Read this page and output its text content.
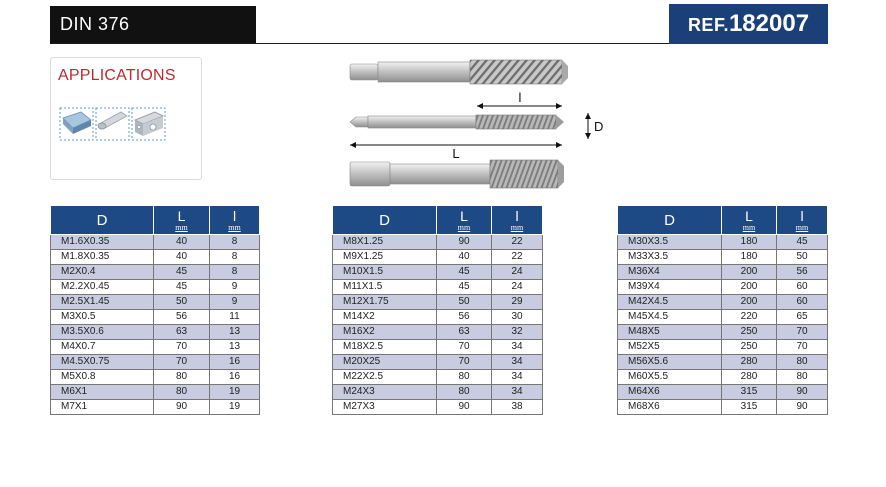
DIN 376	REF.182007
APPLICATIONS
l
D
L
D	L
mm	l
mm

M1.6X0.35	40	8
M1.8X0.35	40	8
M2X0.4	45	8
M2.2X0.45	45	9
M2.5X1.45	50	9
M3X0.5	56	11
M3.5X0.6	63	13
M4X0.7	70	13
M4.5X0.75	70	16
M5X0.8	80	16
M6X1	80	19
M7X1	90	19
D	L
mm	l
mm

M8X1.25	90	22
M9X1.25	40	22
M10X1.5	45	24
M11X1.5	45	24
M12X1.75	50	29
M14X2	56	30
M16X2	63	32
M18X2.5	70	34
M20X25	70	34
M22X2.5	80	34
M24X3	80	34
M27X3	90	38
D	L
mm	l
mm

M30X3.5	180	45
M33X3.5	180	50
M36X4	200	56
M39X4	200	60
M42X4.5	200	60
M45X4.5	220	65
M48X5	250	70
M52X5	250	70
M56X5.6	280	80
M60X5.5	280	80
M64X6	315	90
M68X6	315	90
